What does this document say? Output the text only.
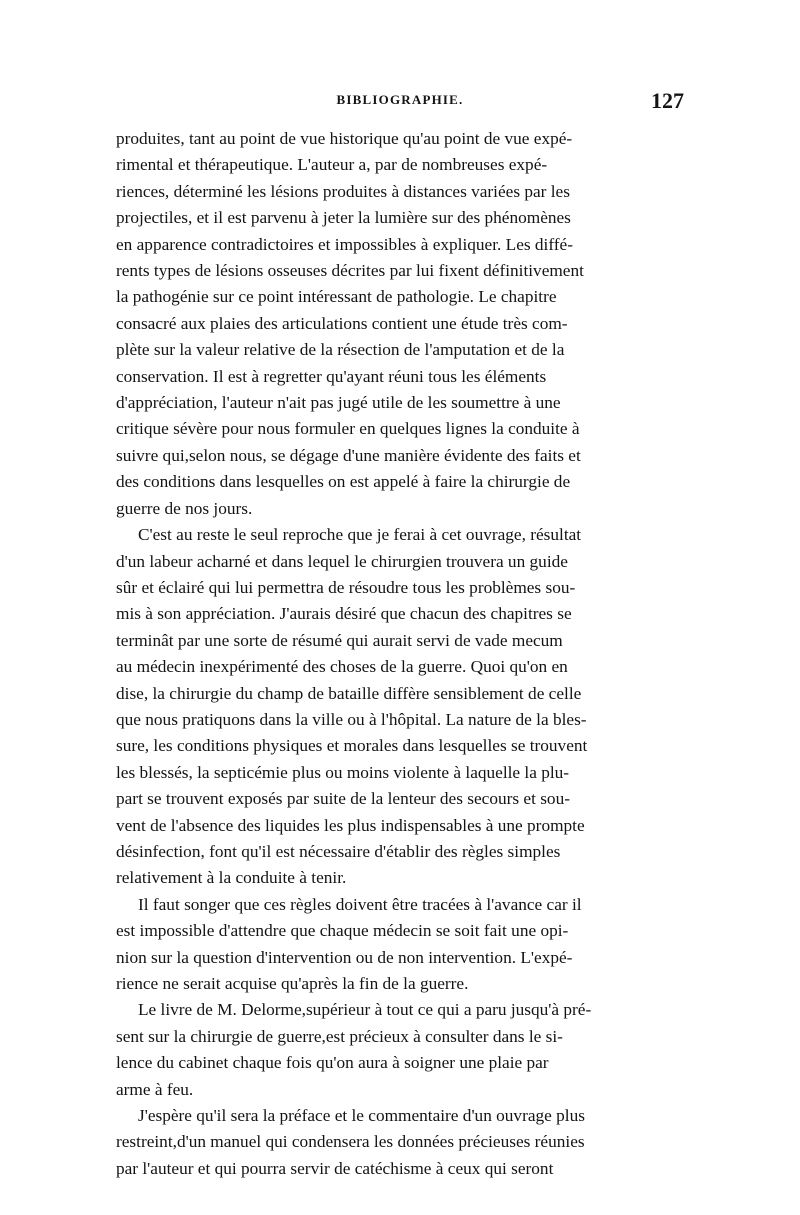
BIBLIOGRAPHIE.	127

produites, tant au point de vue historique qu'au point de vue expé-
rimental et thérapeutique. L'auteur a, par de nombreuses expé-
riences, déterminé les lésions produites à distances variées par les
projectiles, et il est parvenu à jeter la lumière sur des phénomènes
en apparence contradictoires et impossibles à expliquer. Les diffé-
rents types de lésions osseuses décrites par lui fixent définitivement
la pathogénie sur ce point intéressant de pathologie. Le chapitre
consacré aux plaies des articulations contient une étude très com-
plète sur la valeur relative de la résection de l'amputation et de la
conservation. Il est à regretter qu'ayant réuni tous les éléments
d'appréciation, l'auteur n'ait pas jugé utile de les soumettre à une
critique sévère pour nous formuler en quelques lignes la conduite à
suivre qui,selon nous, se dégage d'une manière évidente des faits et
des conditions dans lesquelles on est appelé à faire la chirurgie de
guerre de nos jours.

C'est au reste le seul reproche que je ferai à cet ouvrage, résultat
d'un labeur acharné et dans lequel le chirurgien trouvera un guide
sûr et éclairé qui lui permettra de résoudre tous les problèmes sou-
mis à son appréciation. J'aurais désiré que chacun des chapitres se
terminât par une sorte de résumé qui aurait servi de vade mecum
au médecin inexpérimenté des choses de la guerre. Quoi qu'on en
dise, la chirurgie du champ de bataille diffère sensiblement de celle
que nous pratiquons dans la ville ou à l'hôpital. La nature de la bles-
sure, les conditions physiques et morales dans lesquelles se trouvent
les blessés, la septicémie plus ou moins violente à laquelle la plu-
part se trouvent exposés par suite de la lenteur des secours et sou-
vent de l'absence des liquides les plus indispensables à une prompte
désinfection, font qu'il est nécessaire d'établir des règles simples
relativement à la conduite à tenir.

Il faut songer que ces règles doivent être tracées à l'avance car il
est impossible d'attendre que chaque médecin se soit fait une opi-
nion sur la question d'intervention ou de non intervention. L'expé-
rience ne serait acquise qu'après la fin de la guerre.

Le livre de M. Delorme,supérieur à tout ce qui a paru jusqu'à pré-
sent sur la chirurgie de guerre,est précieux à consulter dans le si-
lence du cabinet chaque fois qu'on aura à soigner une plaie par
arme à feu.

J'espère qu'il sera la préface et le commentaire d'un ouvrage plus
restreint,d'un manuel qui condensera les données précieuses réunies
par l'auteur et qui pourra servir de catéchisme à ceux qui seront
